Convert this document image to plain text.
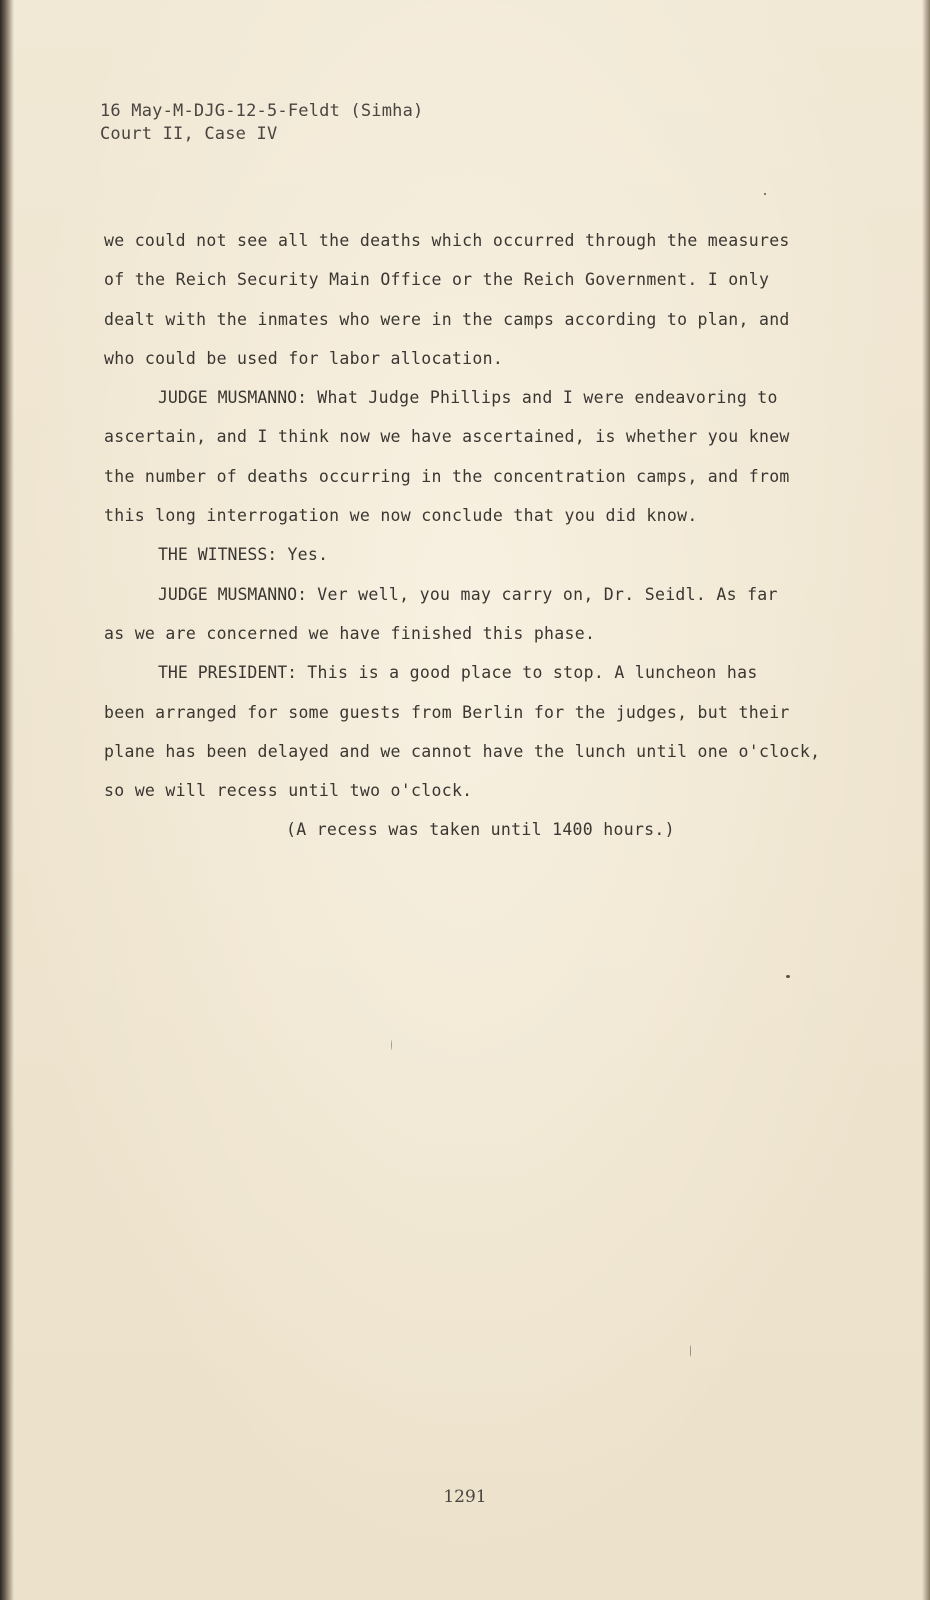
16 May-M-DJG-12-5-Feldt (Simha)
Court II, Case IV
we could not see all the deaths which occurred through the measures
of the Reich Security Main Office or the Reich Government. I only
dealt with the inmates who were in the camps according to plan, and
who could be used for labor allocation.
JUDGE MUSMANNO: What Judge Phillips and I were endeavoring to
ascertain, and I think now we have ascertained, is whether you knew
the number of deaths occurring in the concentration camps, and from
this long interrogation we now conclude that you did know.
THE WITNESS: Yes.
JUDGE MUSMANNO: Ver well, you may carry on, Dr. Seidl. As far
as we are concerned we have finished this phase.
THE PRESIDENT: This is a good place to stop. A luncheon has
been arranged for some guests from Berlin for the judges, but their
plane has been delayed and we cannot have the lunch until one o'clock,
so we will recess until two o'clock.
(A recess was taken until 1400 hours.)
1291
